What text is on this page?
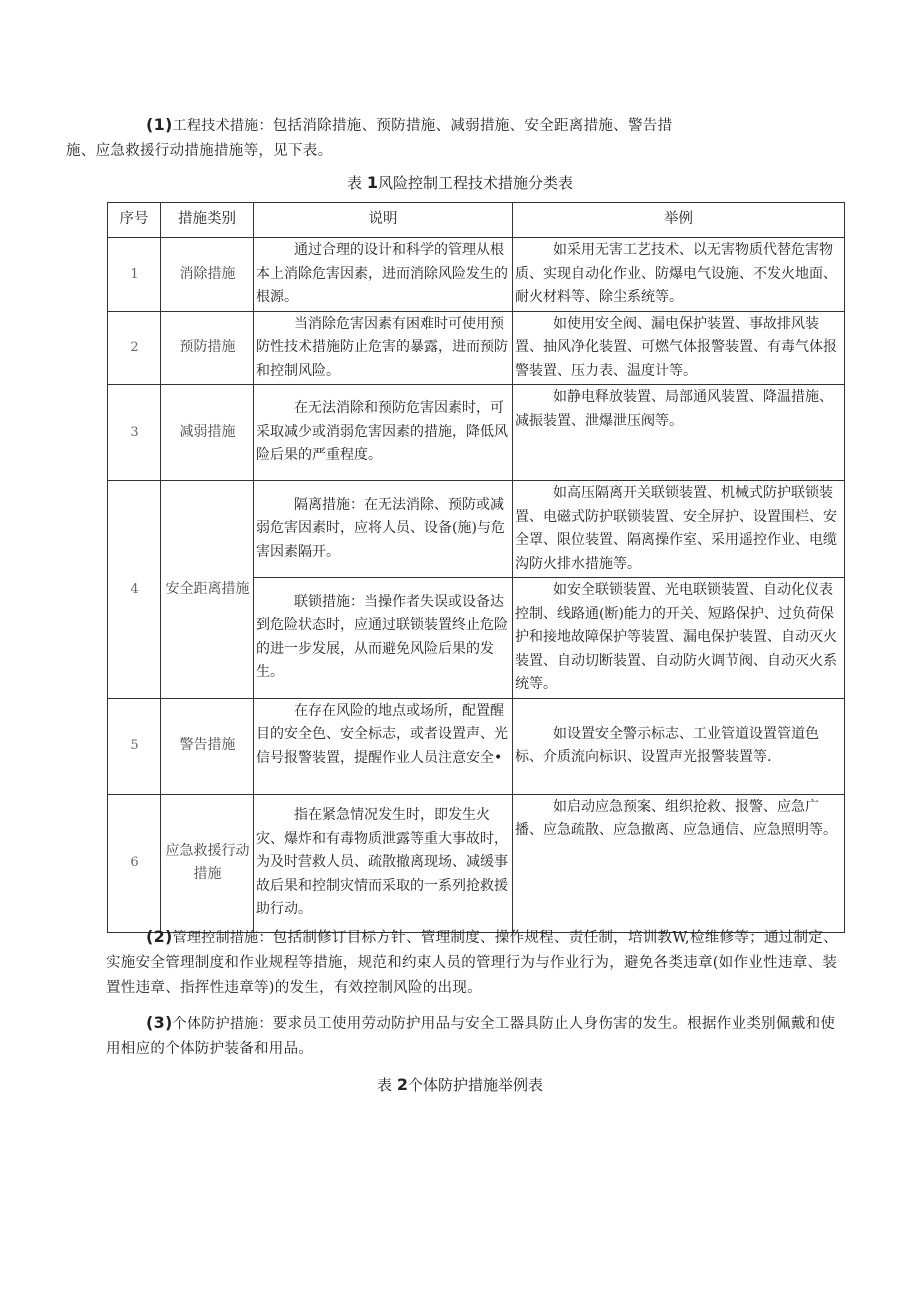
(1)工程技术措施：包括消除措施、预防措施、减弱措施、安全距离措施、警告措
施、应急救援行动措施措施等，见下表。

表 1风险控制工程技术措施分类表

序号	措施类别	说明	举例
1	消除措施	通过合理的设计和科学的管理从根本上消除危害因素，进而消除风险发生的根源。	如采用无害工艺技术、以无害物质代替危害物质、实现自动化作业、防爆电气设施、不发火地面、耐火材料等、除尘系统等。
2	预防措施	当消除危害因素有困难时可使用预防性技术措施防止危害的暴露，进而预防和控制风险。	如使用安全阀、漏电保护装置、事故排风装置、抽风净化装置、可燃气体报警装置、有毒气体报警装置、压力表、温度计等。
3	减弱措施	在无法消除和预防危害因素时，可采取减少或消弱危害因素的措施，降低风险后果的严重程度。	如静电释放装置、局部通风装置、降温措施、减振装置、泄爆泄压阀等。
4	安全距离措施	隔离措施：在无法消除、预防或减弱危害因素时，应将人员、设备(施)与危害因素隔开。	如高压隔离开关联锁装置、机械式防护联锁装置、电磁式防护联锁装置、安全屏护、设置围栏、安全罩、限位装置、隔离操作室、采用遥控作业、电缆沟防火排水措施等。
		联锁措施：当操作者失误或设备达到危险状态时，应通过联锁装置终止危险的进一步发展，从而避免风险后果的发生。	如安全联锁装置、光电联锁装置、自动化仪表控制、线路通(断)能力的开关、短路保护、过负荷保护和接地故障保护等装置、漏电保护装置、自动灭火装置、自动切断装置、自动防火调节阀、自动灭火系统等。
5	警告措施	在存在风险的地点或场所，配置醒目的安全色、安全标志，或者设置声、光信号报警装置，提醒作业人员注意安全•	如设置安全警示标志、工业管道设置管道色标、介质流向标识、设置声光报警装置等.
6	应急救援行动措施	指在紧急情况发生时，即发生火灾、爆炸和有毒物质泄露等重大事故时，为及时营救人员、疏散撤离现场、减缓事故后果和控制灾情而采取的一系列抢救援助行动。	如启动应急预案、组织抢救、报警、应急广播、应急疏散、应急撤离、应急通信、应急照明等。

(2)管理控制措施：包括制修订目标方针、管理制度、操作规程、责任制，培训教W,检维修等；通过制定、实施安全管理制度和作业规程等措施，规范和约束人员的管理行为与作业行为，避免各类违章(如作业性违章、装置性违章、指挥性违章等)的发生，有效控制风险的出现。

(3)个体防护措施：要求员工使用劳动防护用品与安全工器具防止人身伤害的发生。根据作业类别佩戴和使用相应的个体防护装备和用品。

表 2个体防护措施举例表
